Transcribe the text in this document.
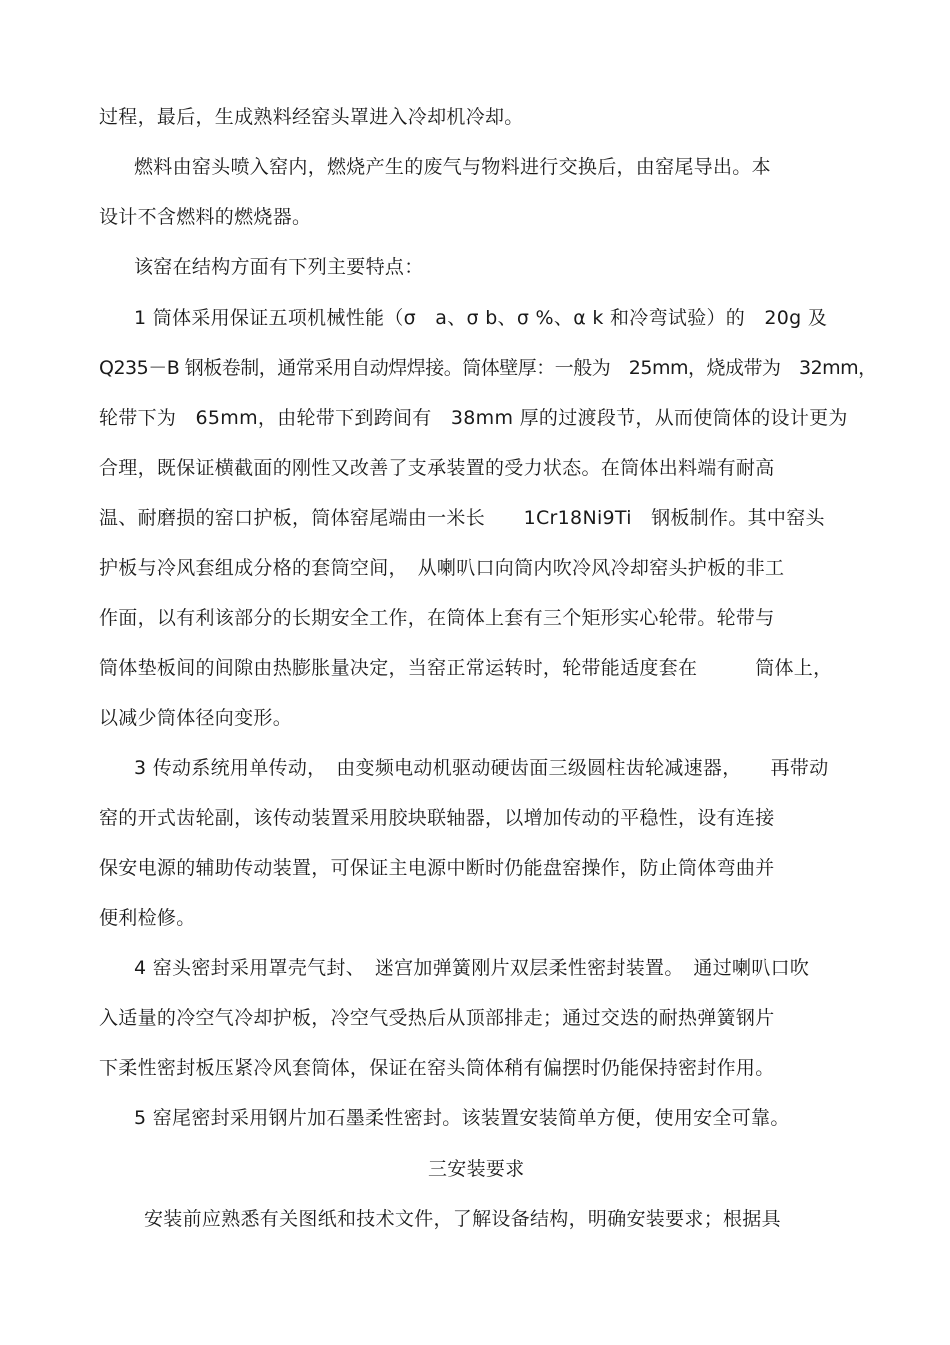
过程，最后，生成熟料经窑头罩进入冷却机冷却。
燃料由窑头喷入窑内，燃烧产生的废气与物料进行交换后，由窑尾导出。本
设计不含燃料的燃烧器。
该窑在结构方面有下列主要特点：
1 筒体采用保证五项机械性能（σ　a、σ b、σ %、α k 和冷弯试验）的　20g 及
Q235－B 钢板卷制，通常采用自动焊焊接。筒体壁厚：一般为　25mm，烧成带为　32mm，
轮带下为　65mm，由轮带下到跨间有　38mm 厚的过渡段节，从而使筒体的设计更为
合理，既保证横截面的刚性又改善了支承装置的受力状态。在筒体出料端有耐高
温、耐磨损的窑口护板，筒体窑尾端由一米长　　1Cr18Ni9Ti　钢板制作。其中窑头
护板与冷风套组成分格的套筒空间，　从喇叭口向筒内吹冷风冷却窑头护板的非工
作面，以有利该部分的长期安全工作，在筒体上套有三个矩形实心轮带。轮带与
筒体垫板间的间隙由热膨胀量决定，当窑正常运转时，轮带能适度套在　　　筒体上，
以减少筒体径向变形。
3 传动系统用单传动，　由变频电动机驱动硬齿面三级圆柱齿轮减速器，　　再带动
窑的开式齿轮副，该传动装置采用胶块联轴器，以增加传动的平稳性，设有连接
保安电源的辅助传动装置，可保证主电源中断时仍能盘窑操作，防止筒体弯曲并
便利检修。
4 窑头密封采用罩壳气封、　迷宫加弹簧刚片双层柔性密封装置。　通过喇叭口吹
入适量的冷空气冷却护板，冷空气受热后从顶部排走；通过交迭的耐热弹簧钢片
下柔性密封板压紧冷风套筒体，保证在窑头筒体稍有偏摆时仍能保持密封作用。
5 窑尾密封采用钢片加石墨柔性密封。该装置安装简单方便，使用安全可靠。
三安装要求
安装前应熟悉有关图纸和技术文件，了解设备结构，明确安装要求；根据具
